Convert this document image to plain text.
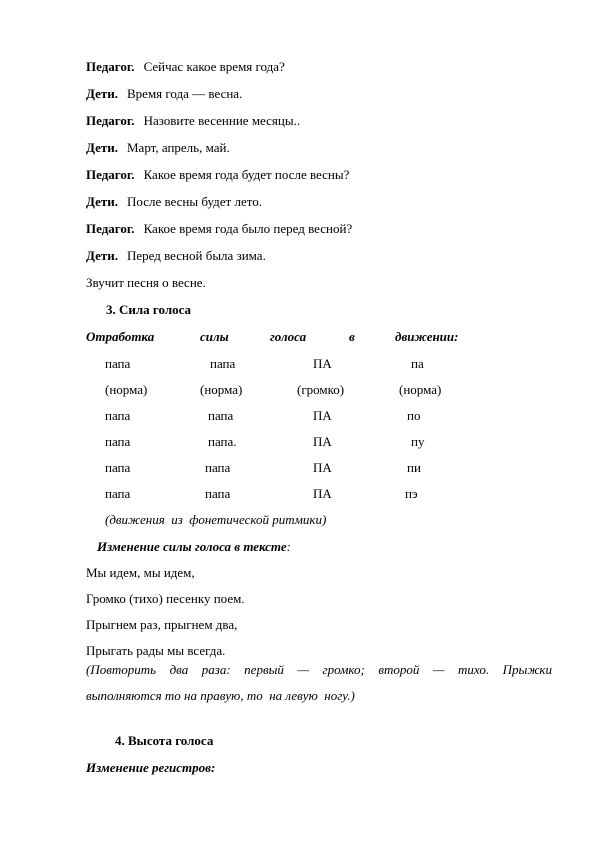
Педагог. Сейчас какое время года?
Дети. Время года — весна.
Педагог. Назовите весенние месяцы..
Дети. Март, апрель, май.
Педагог. Какое время года будет после весны?
Дети. После весны будет лето.
Педагог. Какое время года было перед весной?
Дети. Перед весной была зима.
Звучит песня о весне.
3. Сила голоса
Отработка	силы	голоса	в	движении:
папа	папа	ПА	па
(норма)	(норма)	(громко)	(норма)
папа	папа	ПА	по
папа	папа.	ПА	пу
папа	папа	ПА	пи
папа	папа	ПА	пэ
(движения  из  фонетической ритмики)
Изменение силы голоса в тексте:
Мы идем, мы идем,
Громко (тихо) песенку поем.
Прыгнем раз, прыгнем два,
Прыгать рады мы всегда.
(Повторить два раза: первый — громко; второй — тихо. Прыжки
выполняются то на правую, то  на левую  ногу.)
4. Высота голоса
Изменение регистров:
